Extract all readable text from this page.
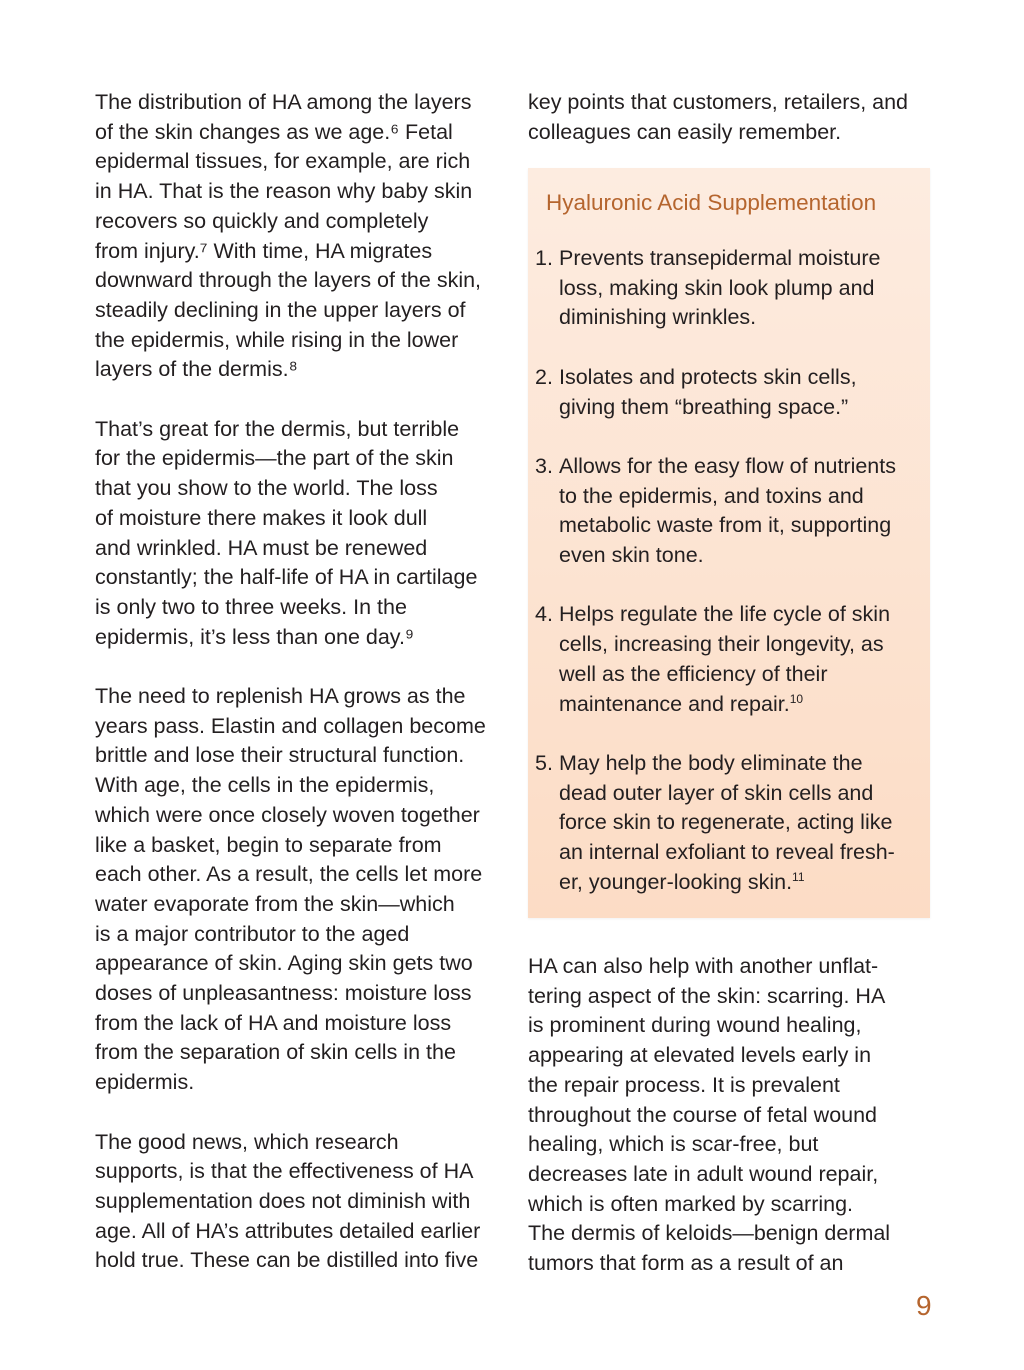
The distribution of HA among the layers
of the skin changes as we age.⁶ Fetal
epidermal tissues, for example, are rich
in HA. That is the reason why baby skin
recovers so quickly and completely
from injury.⁷ With time, HA migrates
downward through the layers of the skin,
steadily declining in the upper layers of
the epidermis, while rising in the lower
layers of the dermis.⁸

That’s great for the dermis, but terrible
for the epidermis—the part of the skin
that you show to the world. The loss
of moisture there makes it look dull
and wrinkled. HA must be renewed
constantly; the half-life of HA in cartilage
is only two to three weeks. In the
epidermis, it’s less than one day.⁹

The need to replenish HA grows as the
years pass. Elastin and collagen become
brittle and lose their structural function.
With age, the cells in the epidermis,
which were once closely woven together
like a basket, begin to separate from
each other. As a result, the cells let more
water evaporate from the skin—which
is a major contributor to the aged
appearance of skin. Aging skin gets two
doses of unpleasantness: moisture loss
from the lack of HA and moisture loss
from the separation of skin cells in the
epidermis.

The good news, which research
supports, is that the effectiveness of HA
supplementation does not diminish with
age. All of HA’s attributes detailed earlier
hold true. These can be distilled into five

key points that customers, retailers, and
colleagues can easily remember.

Hyaluronic Acid Supplementation
1. Prevents transepidermal moisture
loss, making skin look plump and
diminishing wrinkles.
2. Isolates and protects skin cells,
giving them “breathing space.”
3. Allows for the easy flow of nutrients
to the epidermis, and toxins and
metabolic waste from it, supporting
even skin tone.
4. Helps regulate the life cycle of skin
cells, increasing their longevity, as
well as the efficiency of their
maintenance and repair.$^{10}$
5. May help the body eliminate the
dead outer layer of skin cells and
force skin to regenerate, acting like
an internal exfoliant to reveal fresh-
er, younger-looking skin.$^{11}$

HA can also help with another unflat-
tering aspect of the skin: scarring. HA
is prominent during wound healing,
appearing at elevated levels early in
the repair process. It is prevalent
throughout the course of fetal wound
healing, which is scar-free, but
decreases late in adult wound repair,
which is often marked by scarring.
The dermis of keloids—benign dermal
tumors that form as a result of an

9
